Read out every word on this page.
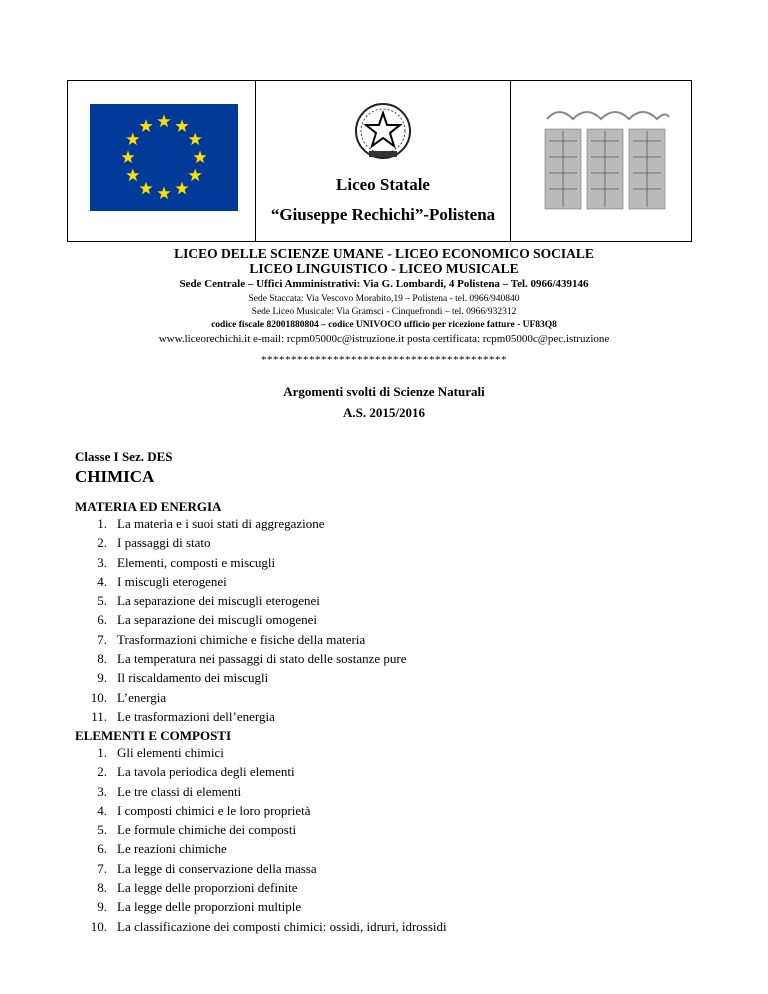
Liceo Statale
“Giuseppe Rechichi”-Polistena
LICEO DELLE SCIENZE UMANE - LICEO ECONOMICO SOCIALE
LICEO LINGUISTICO - LICEO MUSICALE
Sede Centrale – Uffici Amministrativi: Via G. Lombardi, 4 Polistena – Tel. 0966/439146
Sede Staccata: Via Vescovo Morabito,19 – Polistena - tel. 0966/940840
Sede Liceo Musicale: Via Gramsci - Cinquefrondi – tel. 0966/932312
codice fiscale 82001880804 – codice UNIVOCO ufficio per ricezione fatture - UF83Q8
www.liceorechichi.it e-mail: rcpm05000c@istruzione.it posta certificata: rcpm05000c@pec.istruzione
*****************************************
Argomenti svolti di Scienze Naturali
A.S. 2015/2016
Classe I Sez. DES
CHIMICA
MATERIA ED ENERGIA
1. La materia e i suoi stati di aggregazione
2. I passaggi di stato
3. Elementi, composti e miscugli
4. I miscugli eterogenei
5. La separazione dei miscugli eterogenei
6. La separazione dei miscugli omogenei
7. Trasformazioni chimiche e fisiche della materia
8. La temperatura nei passaggi di stato delle sostanze pure
9. Il riscaldamento dei miscugli
10. L’energia
11. Le trasformazioni dell’energia
ELEMENTI E COMPOSTI
1. Gli elementi chimici
2. La tavola periodica degli elementi
3. Le tre classi di elementi
4. I composti chimici e le loro proprietà
5. Le formule chimiche dei composti
6. Le reazioni chimiche
7. La legge di conservazione della massa
8. La legge delle proporzioni definite
9. La legge delle proporzioni multiple
10. La classificazione dei composti chimici: ossidi, idruri, idrossidi
